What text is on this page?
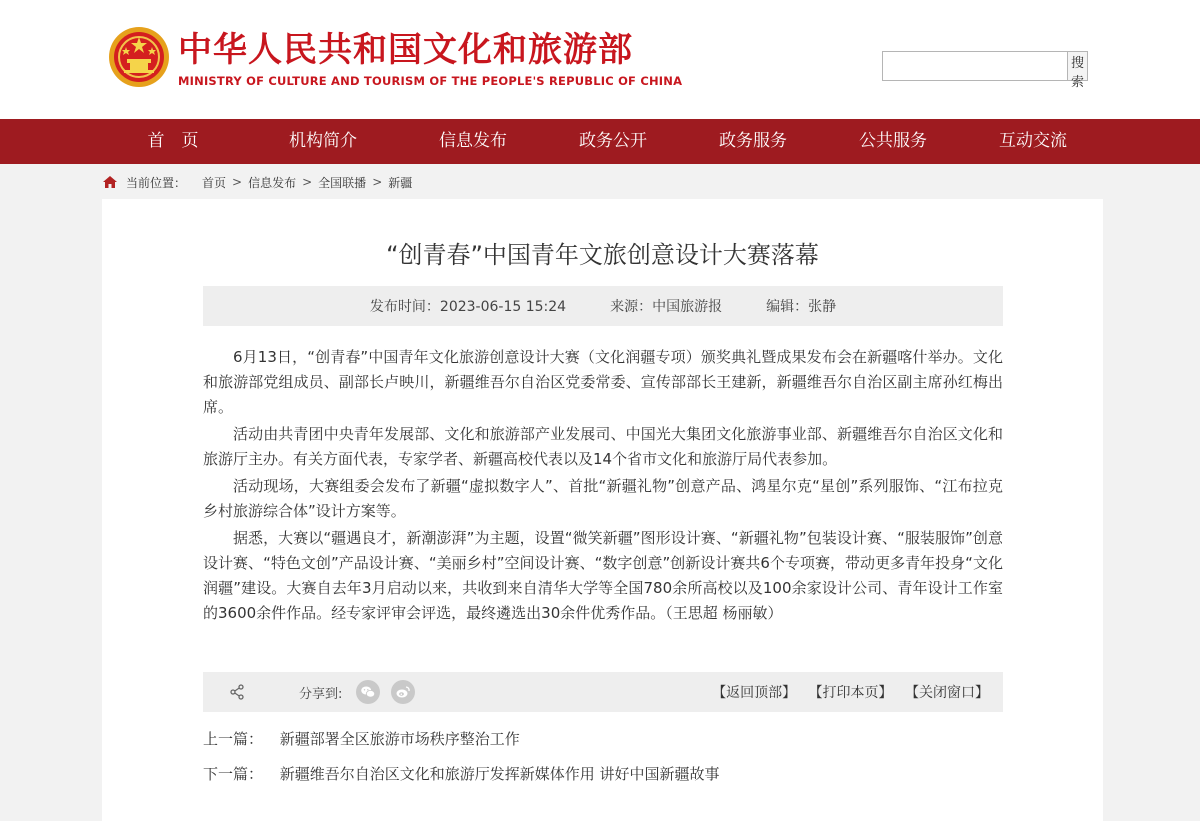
中华人民共和国文化和旅游部
MINISTRY OF CULTURE AND TOURISM OF THE PEOPLE'S REPUBLIC OF CHINA
搜索
首　页	机构简介	信息发布	政务公开	政务服务	公共服务	互动交流
当前位置： 首页 > 信息发布 > 全国联播 > 新疆
“创青春”中国青年文旅创意设计大赛落幕
发布时间：2023-06-15 15:24	来源：中国旅游报	编辑：张静

6月13日，“创青春”中国青年文化旅游创意设计大赛（文化润疆专项）颁奖典礼暨成果发布会在新疆喀什举办。文化和旅游部党组成员、副部长卢映川，新疆维吾尔自治区党委常委、宣传部部长王建新，新疆维吾尔自治区副主席孙红梅出席。

活动由共青团中央青年发展部、文化和旅游部产业发展司、中国光大集团文化旅游事业部、新疆维吾尔自治区文化和旅游厅主办。有关方面代表，专家学者、新疆高校代表以及14个省市文化和旅游厅局代表参加。

活动现场，大赛组委会发布了新疆“虚拟数字人”、首批“新疆礼物”创意产品、鸿星尔克“星创”系列服饰、“江布拉克乡村旅游综合体”设计方案等。

据悉，大赛以“疆遇良才，新潮澎湃”为主题，设置“微笑新疆”图形设计赛、“新疆礼物”包装设计赛、“服装服饰”创意设计赛、“特色文创”产品设计赛、“美丽乡村”空间设计赛、“数字创意”创新设计赛共6个专项赛，带动更多青年投身“文化润疆”建设。大赛自去年3月启动以来，共收到来自清华大学等全国780余所高校以及100余家设计公司、青年设计工作室的3600余件作品。经专家评审会评选，最终遴选出30余件优秀作品。（王思超 杨丽敏）

分享到:	【返回顶部】 【打印本页】 【关闭窗口】
上一篇： 新疆部署全区旅游市场秩序整治工作
下一篇： 新疆维吾尔自治区文化和旅游厅发挥新媒体作用 讲好中国新疆故事
